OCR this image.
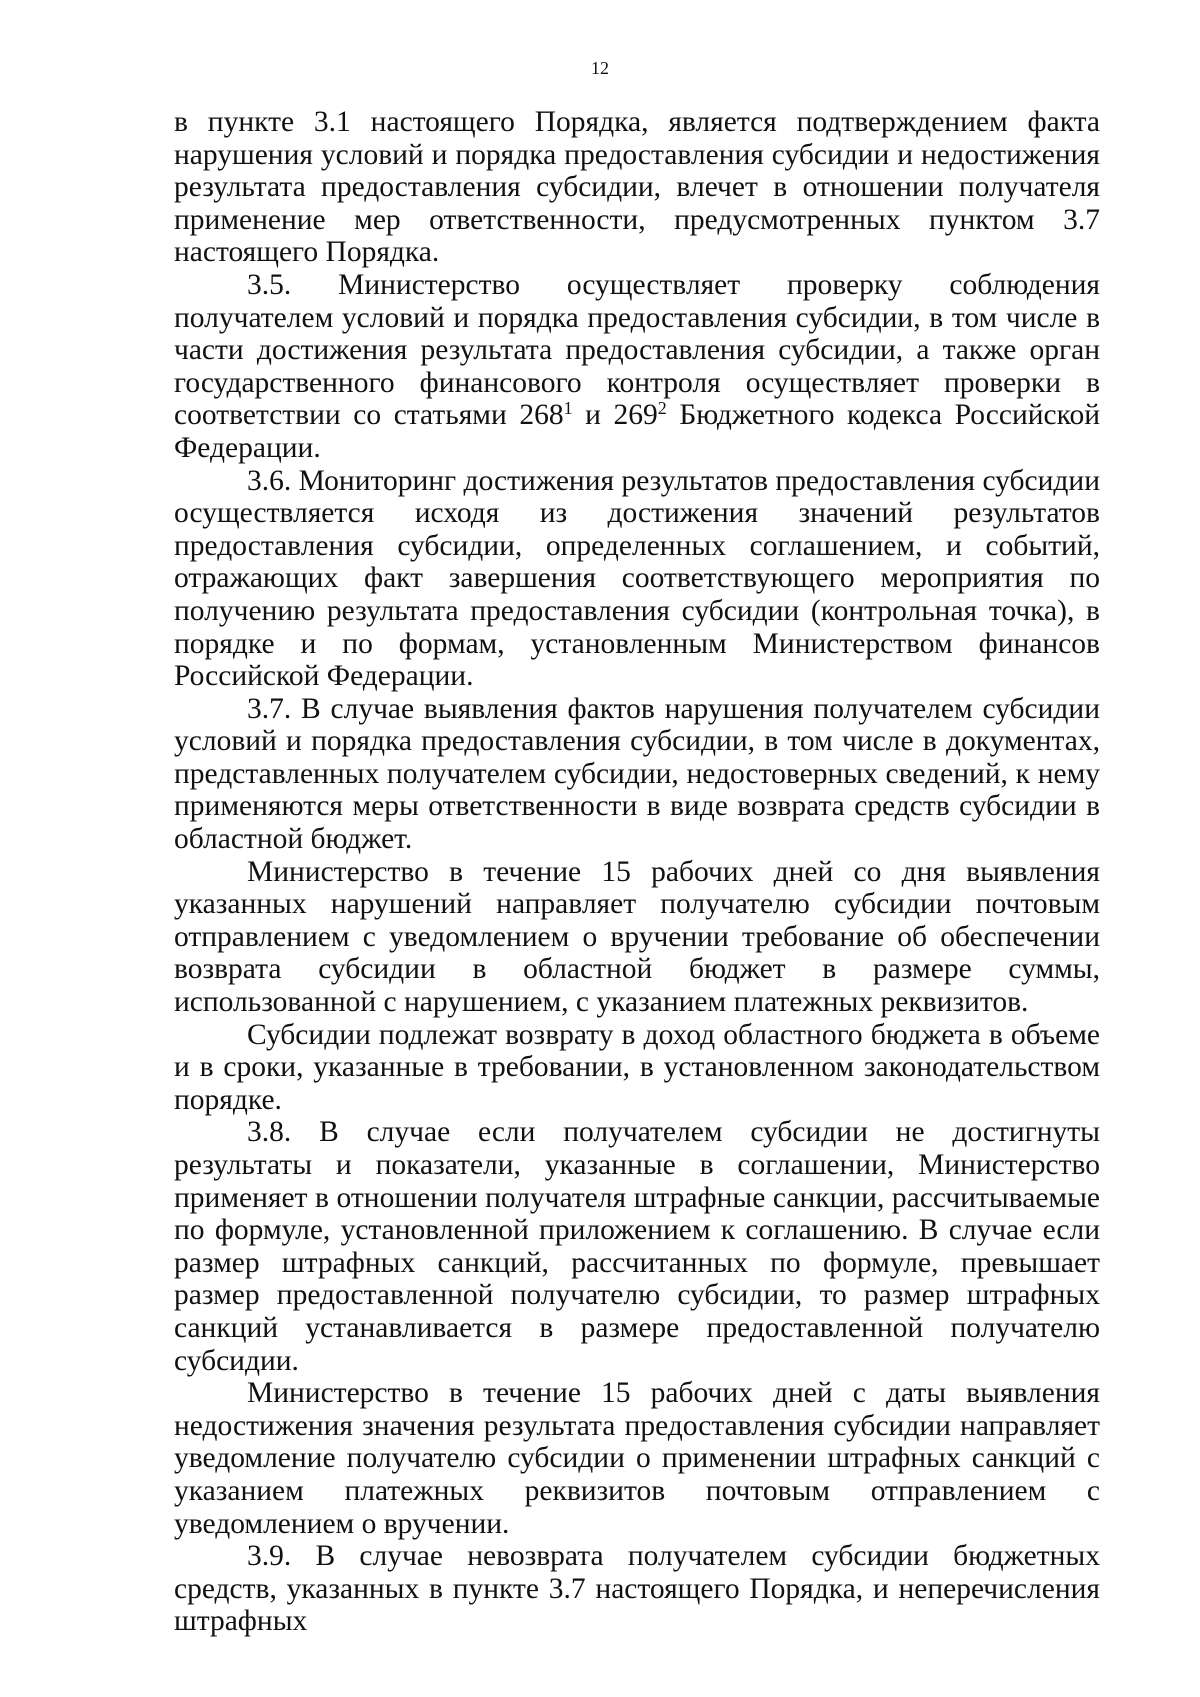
12

в пункте 3.1 настоящего Порядка, является подтверждением факта нарушения условий и порядка предоставления субсидии и недостижения результата предоставления субсидии, влечет в отношении получателя применение мер ответственности, предусмотренных пунктом 3.7 настоящего Порядка.

3.5. Министерство осуществляет проверку соблюдения получателем условий и порядка предоставления субсидии, в том числе в части достижения результата предоставления субсидии, а также орган государственного финансового контроля осуществляет проверки в соответствии со статьями $268^1$ и $269^2$ Бюджетного кодекса Российской Федерации.

3.6. Мониторинг достижения результатов предоставления субсидии осуществляется исходя из достижения значений результатов предоставления субсидии, определенных соглашением, и событий, отражающих факт завершения соответствующего мероприятия по получению результата предоставления субсидии (контрольная точка), в порядке и по формам, установленным Министерством финансов Российской Федерации.

3.7. В случае выявления фактов нарушения получателем субсидии условий и порядка предоставления субсидии, в том числе в документах, представленных получателем субсидии, недостоверных сведений, к нему применяются меры ответственности в виде возврата средств субсидии в областной бюджет.

Министерство в течение 15 рабочих дней со дня выявления указанных нарушений направляет получателю субсидии почтовым отправлением с уведомлением о вручении требование об обеспечении возврата субсидии в областной бюджет в размере суммы, использованной с нарушением, с указанием платежных реквизитов.

Субсидии подлежат возврату в доход областного бюджета в объеме и в сроки, указанные в требовании, в установленном законодательством порядке.

3.8. В случае если получателем субсидии не достигнуты результаты и показатели, указанные в соглашении, Министерство применяет в отношении получателя штрафные санкции, рассчитываемые по формуле, установленной приложением к соглашению. В случае если размер штрафных санкций, рассчитанных по формуле, превышает размер предоставленной получателю субсидии, то размер штрафных санкций устанавливается в размере предоставленной получателю субсидии.

Министерство в течение 15 рабочих дней с даты выявления недостижения значения результата предоставления субсидии направляет уведомление получателю субсидии о применении штрафных санкций с указанием платежных реквизитов почтовым отправлением с уведомлением о вручении.

3.9. В случае невозврата получателем субсидии бюджетных средств, указанных в пункте 3.7 настоящего Порядка, и неперечисления штрафных
